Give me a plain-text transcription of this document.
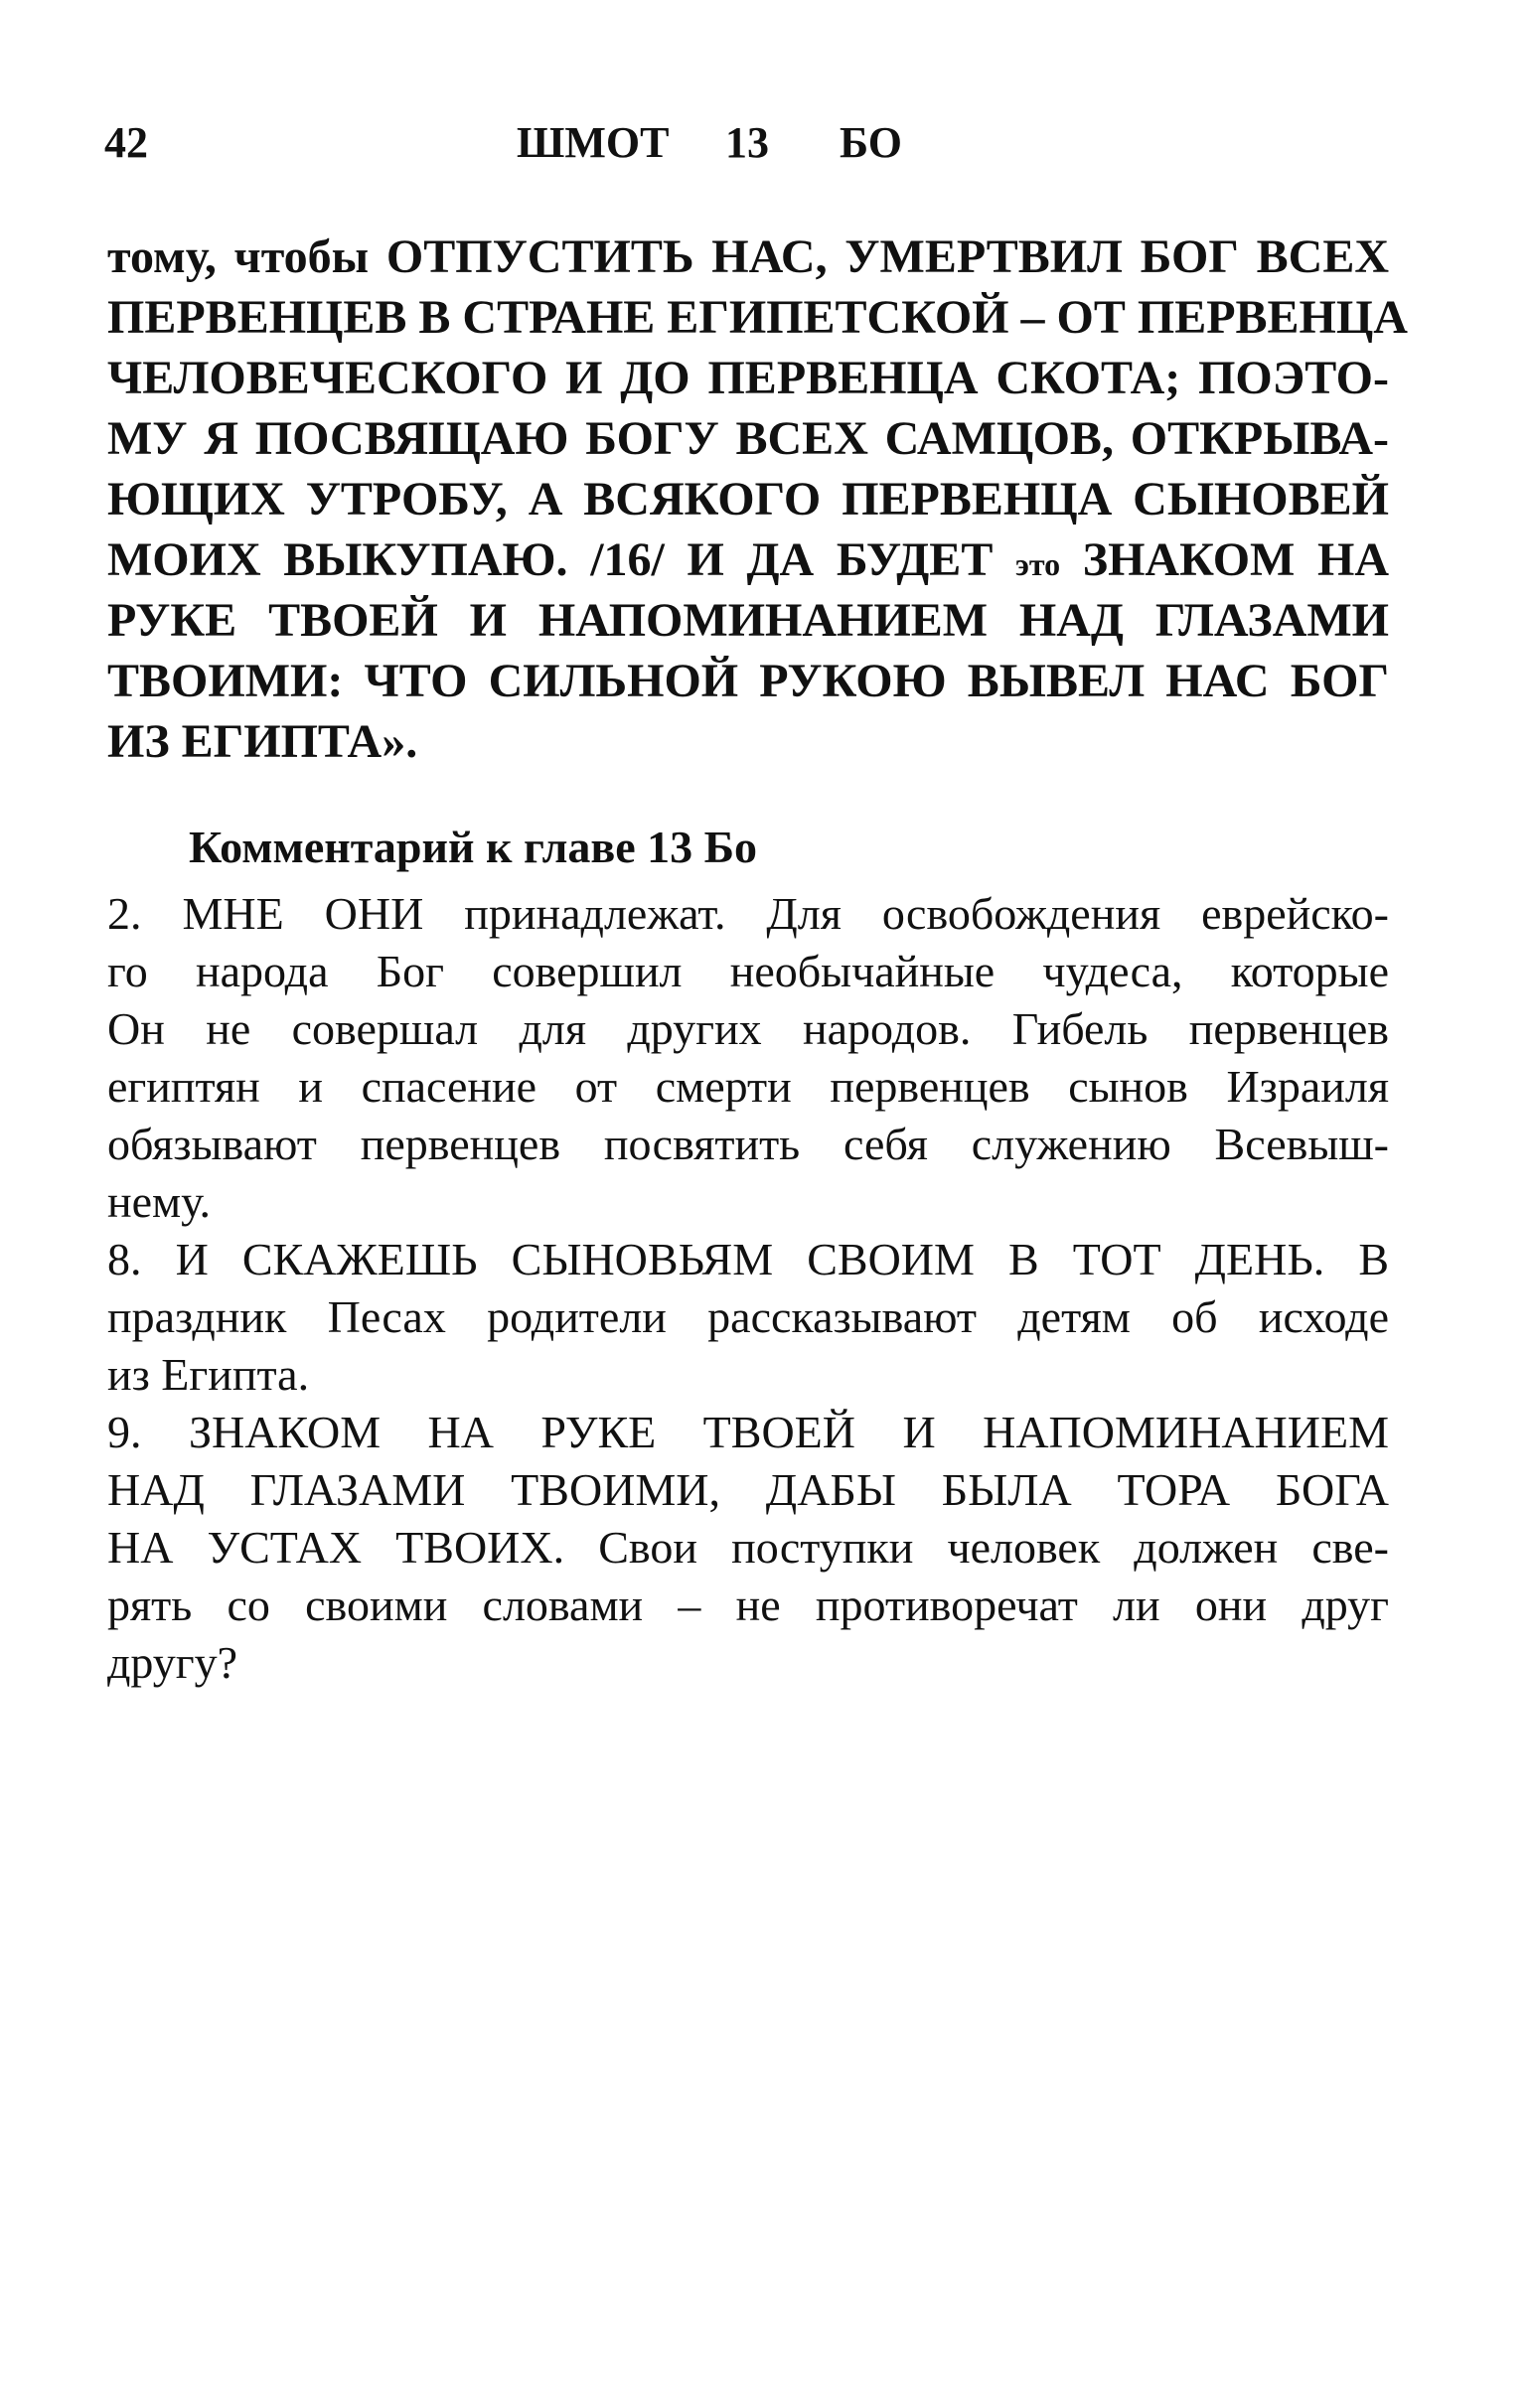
42	ШМОТ 13 БО
тому, чтобы ОТПУСТИТЬ НАС, УМЕРТВИЛ БОГ ВСЕХ
ПЕРВЕНЦЕВ В СТРАНЕ ЕГИПЕТСКОЙ – ОТ ПЕРВЕНЦА
ЧЕЛОВЕЧЕСКОГО И ДО ПЕРВЕНЦА СКОТА; ПОЭТО-
МУ Я ПОСВЯЩАЮ БОГУ ВСЕХ САМЦОВ, ОТКРЫВА-
ЮЩИХ УТРОБУ, А ВСЯКОГО ПЕРВЕНЦА СЫНОВЕЙ
МОИХ ВЫКУПАЮ. /16/ И ДА БУДЕТ это ЗНАКОМ НА
РУКЕ ТВОЕЙ И НАПОМИНАНИЕМ НАД ГЛАЗАМИ
ТВОИМИ: ЧТО СИЛЬНОЙ РУКОЮ ВЫВЕЛ НАС БОГ
ИЗ ЕГИПТА».
Комментарий к главе 13 Бо
2. МНЕ ОНИ принадлежат. Для освобождения еврейско-
го народа Бог совершил необычайные чудеса, которые
Он не совершал для других народов. Гибель первенцев
египтян и спасение от смерти первенцев сынов Израиля
обязывают первенцев посвятить себя служению Всевыш-
нему.
8. И СКАЖЕШЬ СЫНОВЬЯМ СВОИМ В ТОТ ДЕНЬ. В
праздник Песах родители рассказывают детям об исходе
из Египта.
9. ЗНАКОМ НА РУКЕ ТВОЕЙ И НАПОМИНАНИЕМ
НАД ГЛАЗАМИ ТВОИМИ, ДАБЫ БЫЛА ТОРА БОГА
НА УСТАХ ТВОИХ. Свои поступки человек должен све-
рять со своими словами – не противоречат ли они друг
другу?
